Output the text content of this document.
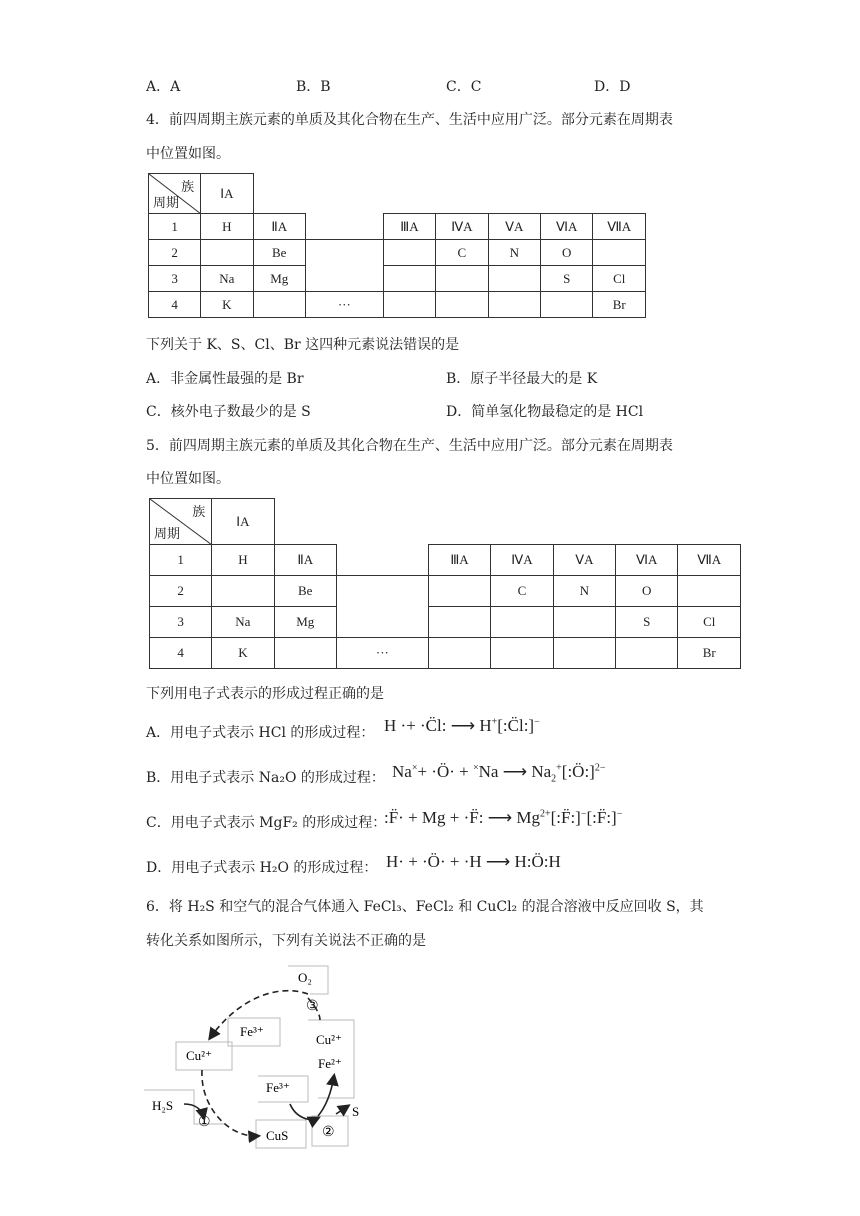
A．A	B．B	C．C	D．D
4．前四周期主族元素的单质及其化合物在生产、生活中应用广泛。部分元素在周期表
中位置如图。
族
周期	ⅠA							
1	H	ⅡA		ⅢA	ⅣA	ⅤA	ⅥA	ⅦA
2		Be			C	N	O	
3	Na	Mg					S	Cl
4	K		···					Br
下列关于 K、S、Cl、Br 这四种元素说法错误的是
A．非金属性最强的是 Br	B．原子半径最大的是 K
C．核外电子数最少的是 S	D．简单氢化物最稳定的是 HCl
5．前四周期主族元素的单质及其化合物在生产、生活中应用广泛。部分元素在周期表
中位置如图。
族
周期	ⅠA							
1	H	ⅡA		ⅢA	ⅣA	ⅤA	ⅥA	ⅦA
2		Be			C	N	O	
3	Na	Mg					S	Cl
4	K		···					Br
下列用电子式表示的形成过程正确的是
A．用电子式表示 HCl 的形成过程： H ·+ ·C̈l: ⟶ H+[:C̈l:]−
B．用电子式表示 Na₂O 的形成过程： Na×+ ·Ö· + ×Na ⟶ $Na_2^+[:Ö:]^{2-}$
C．用电子式表示 MgF₂ 的形成过程：
:F̈· + Mg + ·F̈: ⟶ $Mg^{2+}[:F̈:]^-[:F̈:]^-$
D．用电子式表示 H₂O 的形成过程： H· + ·Ö· + ·H ⟶ H:Ö:H
6．将 H₂S 和空气的混合气体通入 FeCl₃、FeCl₂ 和 CuCl₂ 的混合溶液中反应回收 S，其
转化关系如图所示，下列有关说法不正确的是
O₂
③
Fe³⁺
Cu²⁺
Fe²⁺
Cu²⁺
Fe³⁺
H₂S
①
CuS ②
S
